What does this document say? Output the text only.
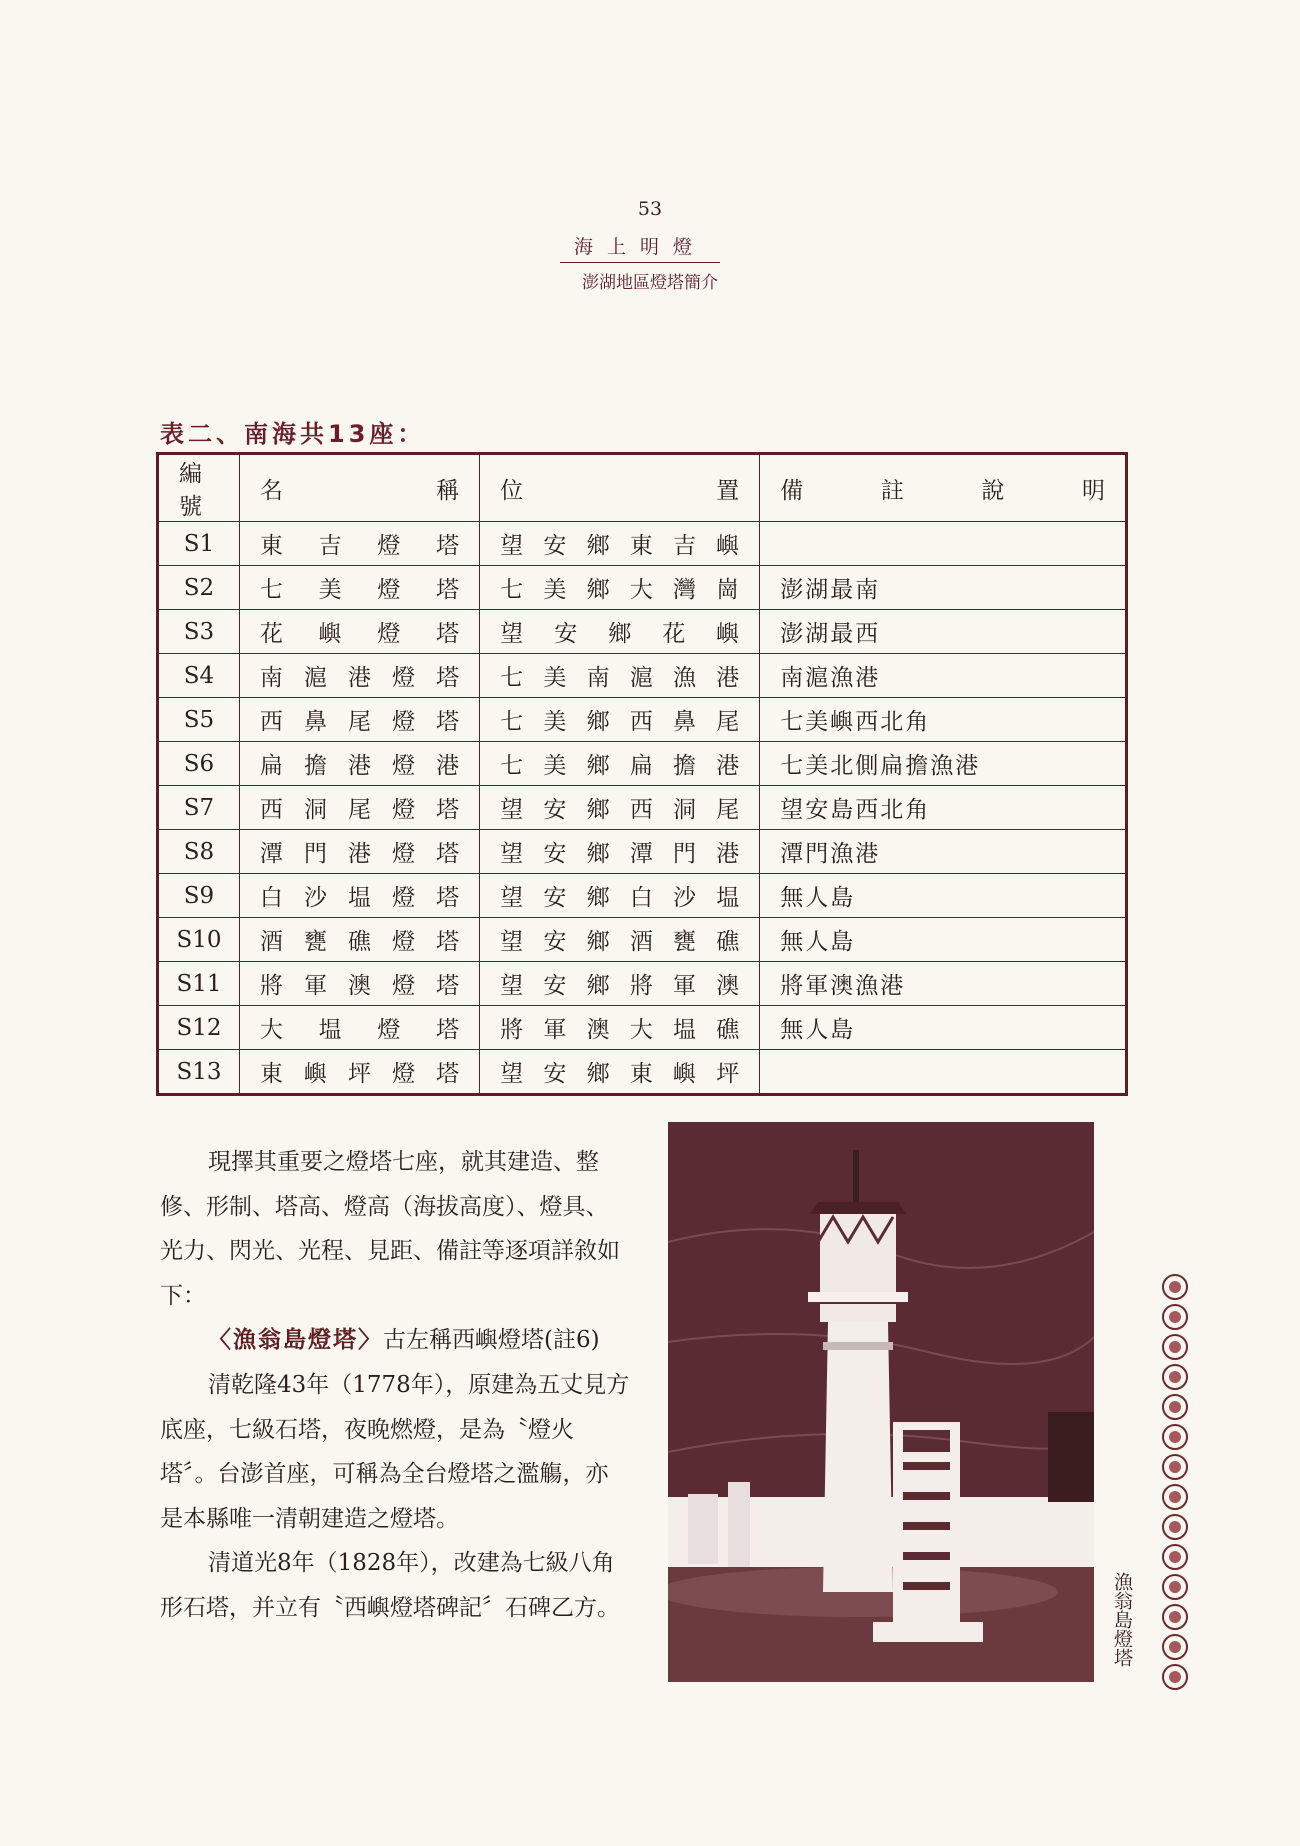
53
海上明燈
澎湖地區燈塔簡介
表二、南海共13座：
編號	名稱	位置	備註說明

S1	東吉燈塔	望安鄉東吉嶼	

S2	七美燈塔	七美鄉大灣崗	澎湖最南
S3	花嶼燈塔	望安鄉花嶼	澎湖最西
S4	南滬港燈塔	七美南滬漁港	南滬漁港
S5	西鼻尾燈塔	七美鄉西鼻尾	七美嶼西北角
S6	扁擔港燈港	七美鄉扁擔港	七美北側扁擔漁港
S7	西洞尾燈塔	望安鄉西洞尾	望安島西北角
S8	潭門港燈塔	望安鄉潭門港	潭門漁港
S9	白沙塭燈塔	望安鄉白沙塭	無人島
S10	酒甕礁燈塔	望安鄉酒甕礁	無人島
S11	將軍澳燈塔	望安鄉將軍澳	將軍澳漁港
S12	大塭燈塔	將軍澳大塭礁	無人島
S13	東嶼坪燈塔	望安鄉東嶼坪	

現擇其重要之燈塔七座，就其建造、整修、形制、塔高、燈高（海拔高度）、燈具、光力、閃光、光程、見距、備註等逐項詳敘如下：

〈漁翁島燈塔〉古左稱西嶼燈塔(註6)

清乾隆43年（1778年），原建為五丈見方底座，七級石塔，夜晚燃燈，是為〝燈火塔〞。台澎首座，可稱為全台燈塔之濫觴，亦是本縣唯一清朝建造之燈塔。

清道光8年（1828年），改建為七級八角形石塔，并立有〝西嶼燈塔碑記〞石碑乙方。	漁翁島燈塔
